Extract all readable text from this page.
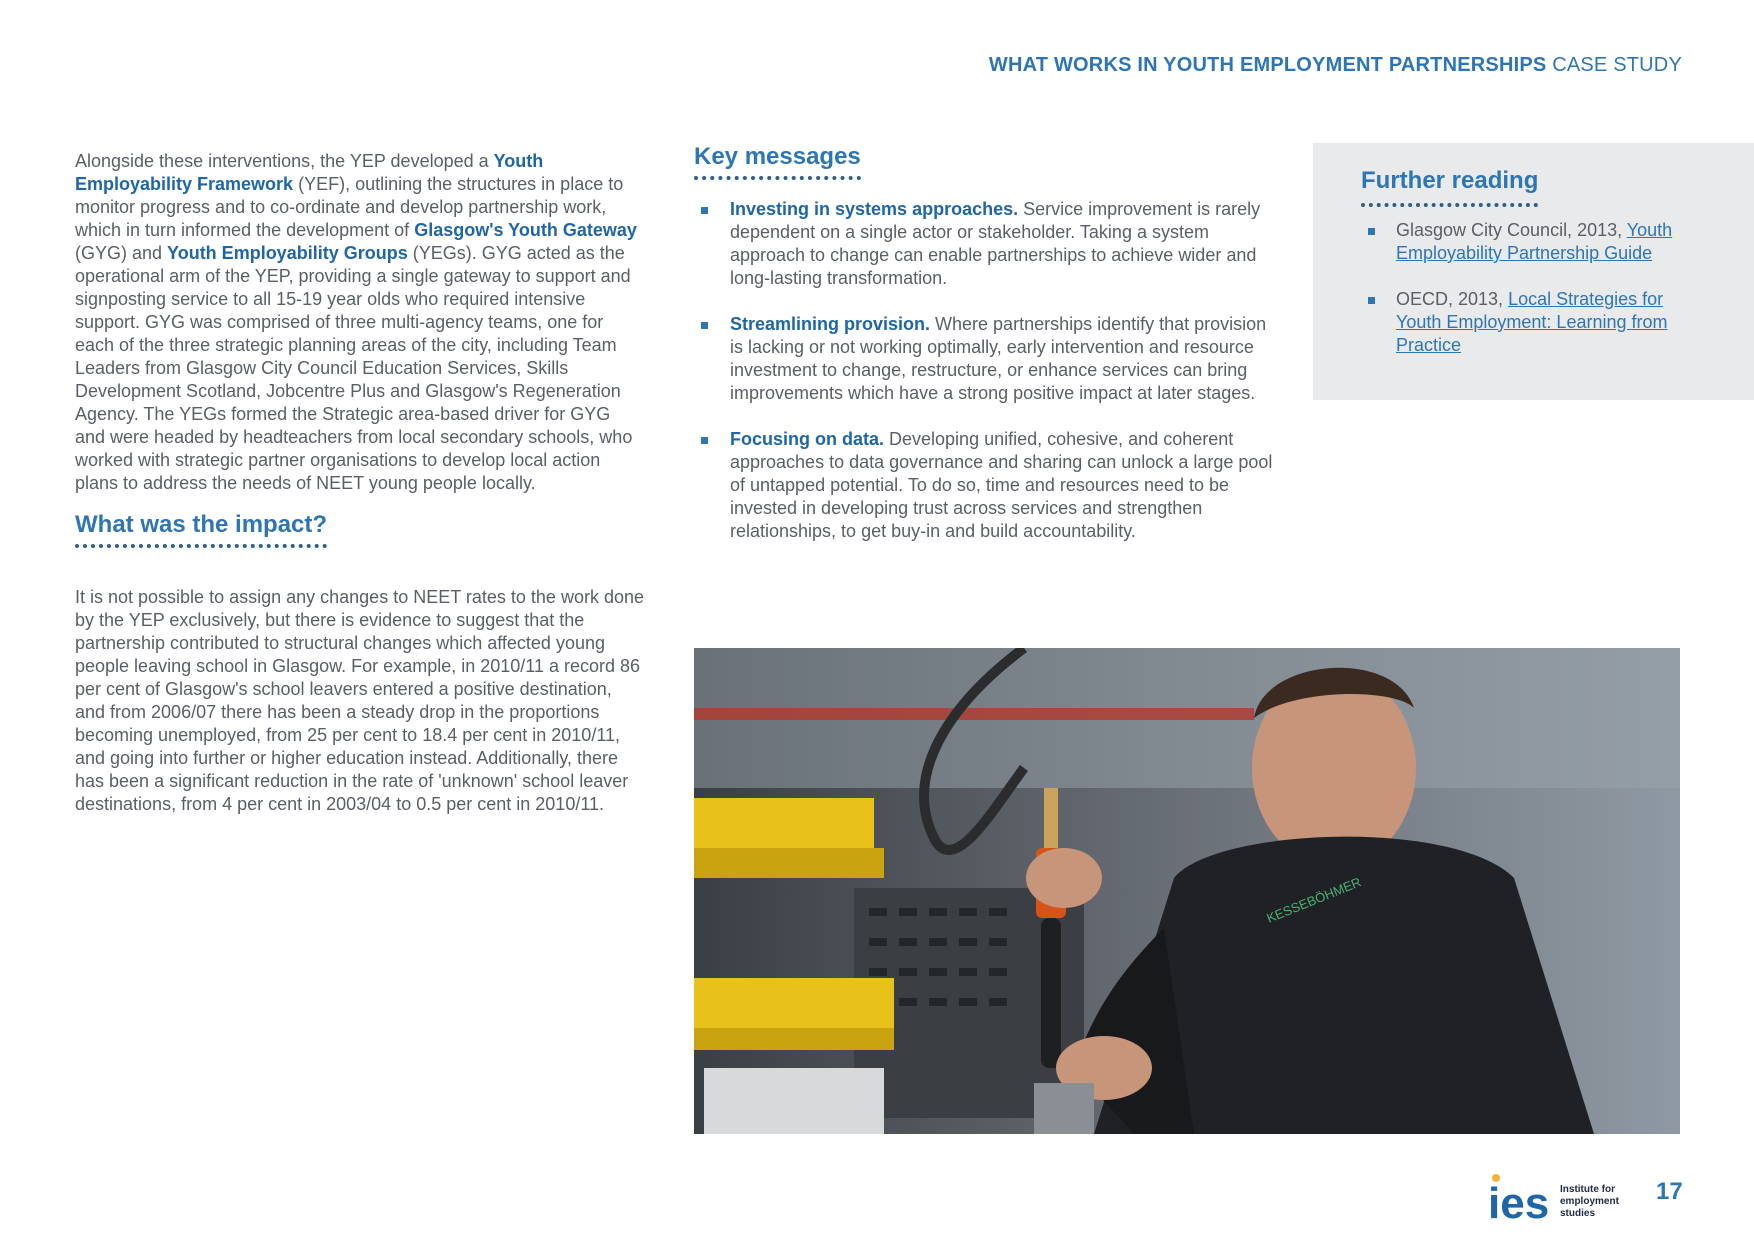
WHAT WORKS IN YOUTH EMPLOYMENT PARTNERSHIPS CASE STUDY

Alongside these interventions, the YEP developed a Youth Employability Framework (YEF), outlining the structures in place to monitor progress and to co-ordinate and develop partnership work, which in turn informed the development of Glasgow's Youth Gateway (GYG) and Youth Employability Groups (YEGs). GYG acted as the operational arm of the YEP, providing a single gateway to support and signposting service to all 15-19 year olds who required intensive support. GYG was comprised of three multi-agency teams, one for each of the three strategic planning areas of the city, including Team Leaders from Glasgow City Council Education Services, Skills Development Scotland, Jobcentre Plus and Glasgow's Regeneration Agency. The YEGs formed the Strategic area-based driver for GYG and were headed by headteachers from local secondary schools, who worked with strategic partner organisations to develop local action plans to address the needs of NEET young people locally.

What was the impact?

It is not possible to assign any changes to NEET rates to the work done by the YEP exclusively, but there is evidence to suggest that the partnership contributed to structural changes which affected young people leaving school in Glasgow. For example, in 2010/11 a record 86 per cent of Glasgow's school leavers entered a positive destination, and from 2006/07 there has been a steady drop in the proportions becoming unemployed, from 25 per cent to 18.4 per cent in 2010/11, and going into further or higher education instead. Additionally, there has been a significant reduction in the rate of 'unknown' school leaver destinations, from 4 per cent in 2003/04 to 0.5 per cent in 2010/11.

Key messages
Investing in systems approaches. Service improvement is rarely dependent on a single actor or stakeholder. Taking a system approach to change can enable partnerships to achieve wider and long-lasting transformation.
Streamlining provision. Where partnerships identify that provision is lacking or not working optimally, early intervention and resource investment to change, restructure, or enhance services can bring improvements which have a strong positive impact at later stages.
Focusing on data. Developing unified, cohesive, and coherent approaches to data governance and sharing can unlock a large pool of untapped potential. To do so, time and resources need to be invested in developing trust across services and strengthen relationships, to get buy-in and build accountability.
Further reading
Glasgow City Council, 2013, Youth Employability Partnership Guide
OECD, 2013, Local Strategies for Youth Employment: Learning from Practice
KESSEBÖHMER
ies Institute for
employment
studies
17
